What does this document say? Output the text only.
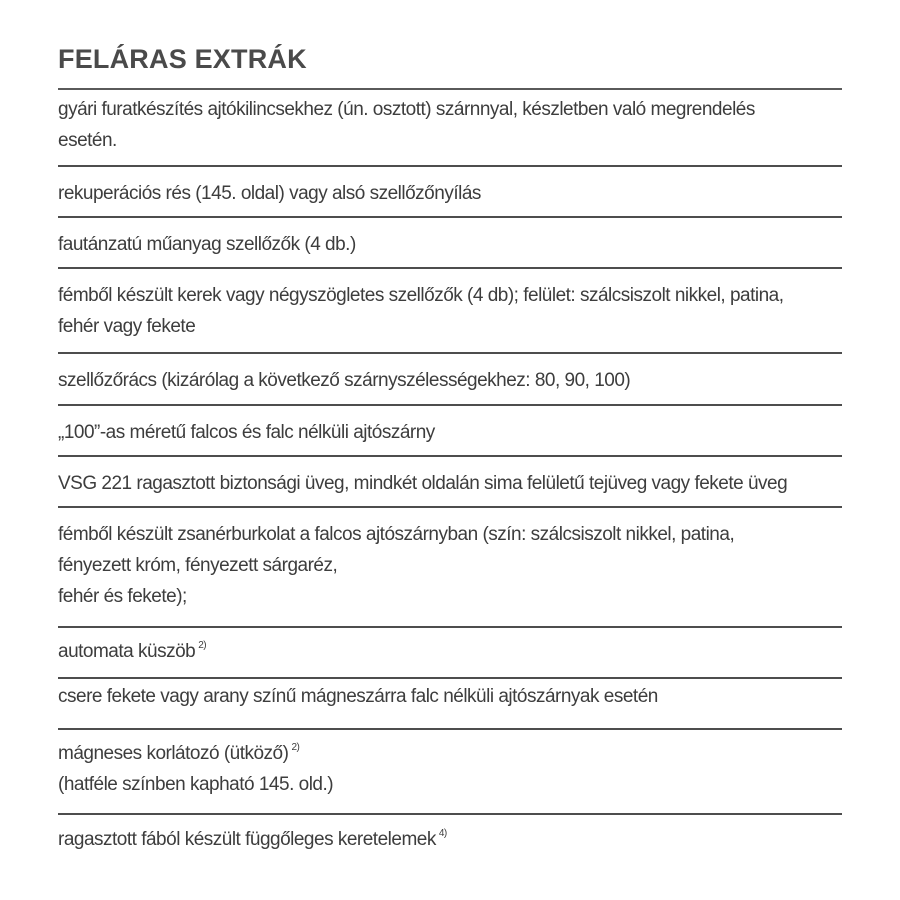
FELÁRAS EXTRÁK
gyári furatkészítés ajtókilincsekhez (ún. osztott) szárnnyal, készletben való megrendelés
esetén.
rekuperációs rés (145. oldal) vagy alsó szellőzőnyílás
fautánzatú műanyag szellőzők (4 db.)
fémből készült kerek vagy négyszögletes szellőzők (4 db); felület: szálcsiszolt nikkel, patina,
fehér vagy fekete
szellőzőrács (kizárólag a következő szárnyszélességekhez: 80, 90, 100)
„100”-as méretű falcos és falc nélküli ajtószárny
VSG 221 ragasztott biztonsági üveg, mindkét oldalán sima felületű tejüveg vagy fekete üveg
fémből készült zsanérburkolat a falcos ajtószárnyban (szín: szálcsiszolt nikkel, patina,
fényezett króm, fényezett sárgaréz,
fehér és fekete);
automata küszöb $^{2)}$
csere fekete vagy arany színű mágneszárra falc nélküli ajtószárnyak esetén
mágneses korlátozó (ütköző) $^{2)}$
(hatféle színben kapható 145. old.)
ragasztott fából készült függőleges keretelemek $^{4)}$
